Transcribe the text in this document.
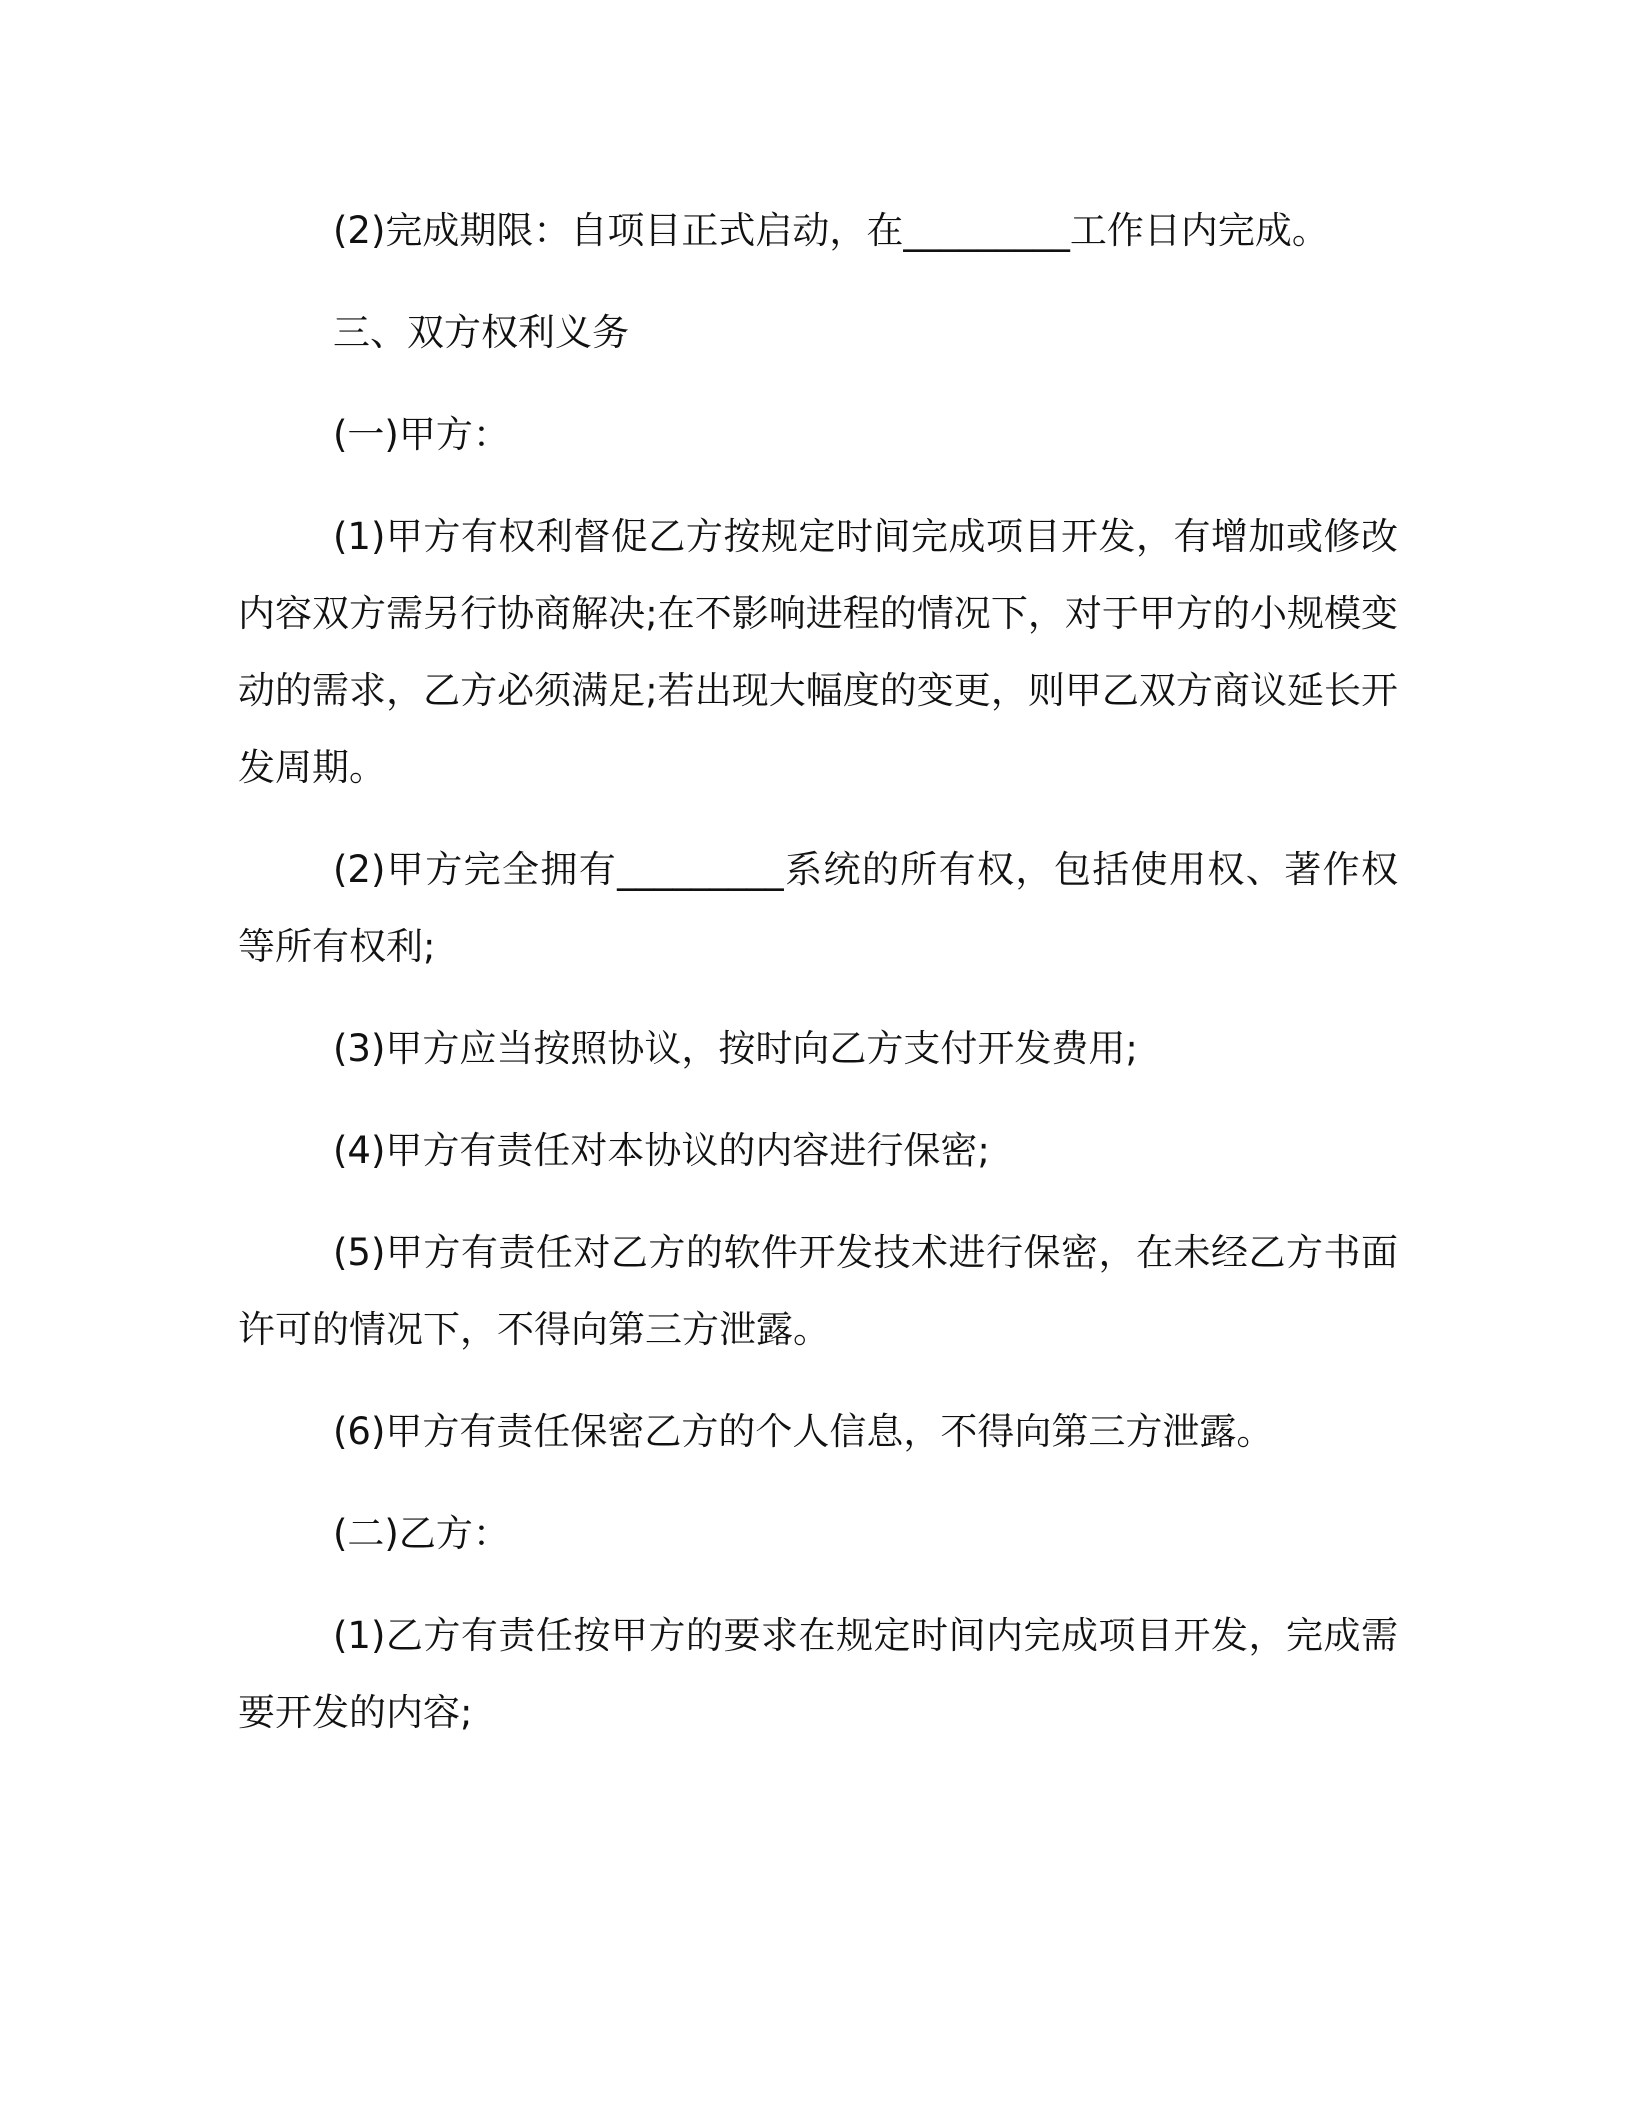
(2)完成期限：自项目正式启动，在_________工作日内完成。

三、双方权利义务

(一)甲方：

(1)甲方有权利督促乙方按规定时间完成项目开发，有增加或修改内容双方需另行协商解决;在不影响进程的情况下，对于甲方的小规模变动的需求，乙方必须满足;若出现大幅度的变更，则甲乙双方商议延长开发周期。

(2)甲方完全拥有_________系统的所有权，包括使用权、著作权等所有权利;

(3)甲方应当按照协议，按时向乙方支付开发费用;

(4)甲方有责任对本协议的内容进行保密;

(5)甲方有责任对乙方的软件开发技术进行保密，在未经乙方书面许可的情况下，不得向第三方泄露。

(6)甲方有责任保密乙方的个人信息，不得向第三方泄露。

(二)乙方：

(1)乙方有责任按甲方的要求在规定时间内完成项目开发，完成需要开发的内容;
